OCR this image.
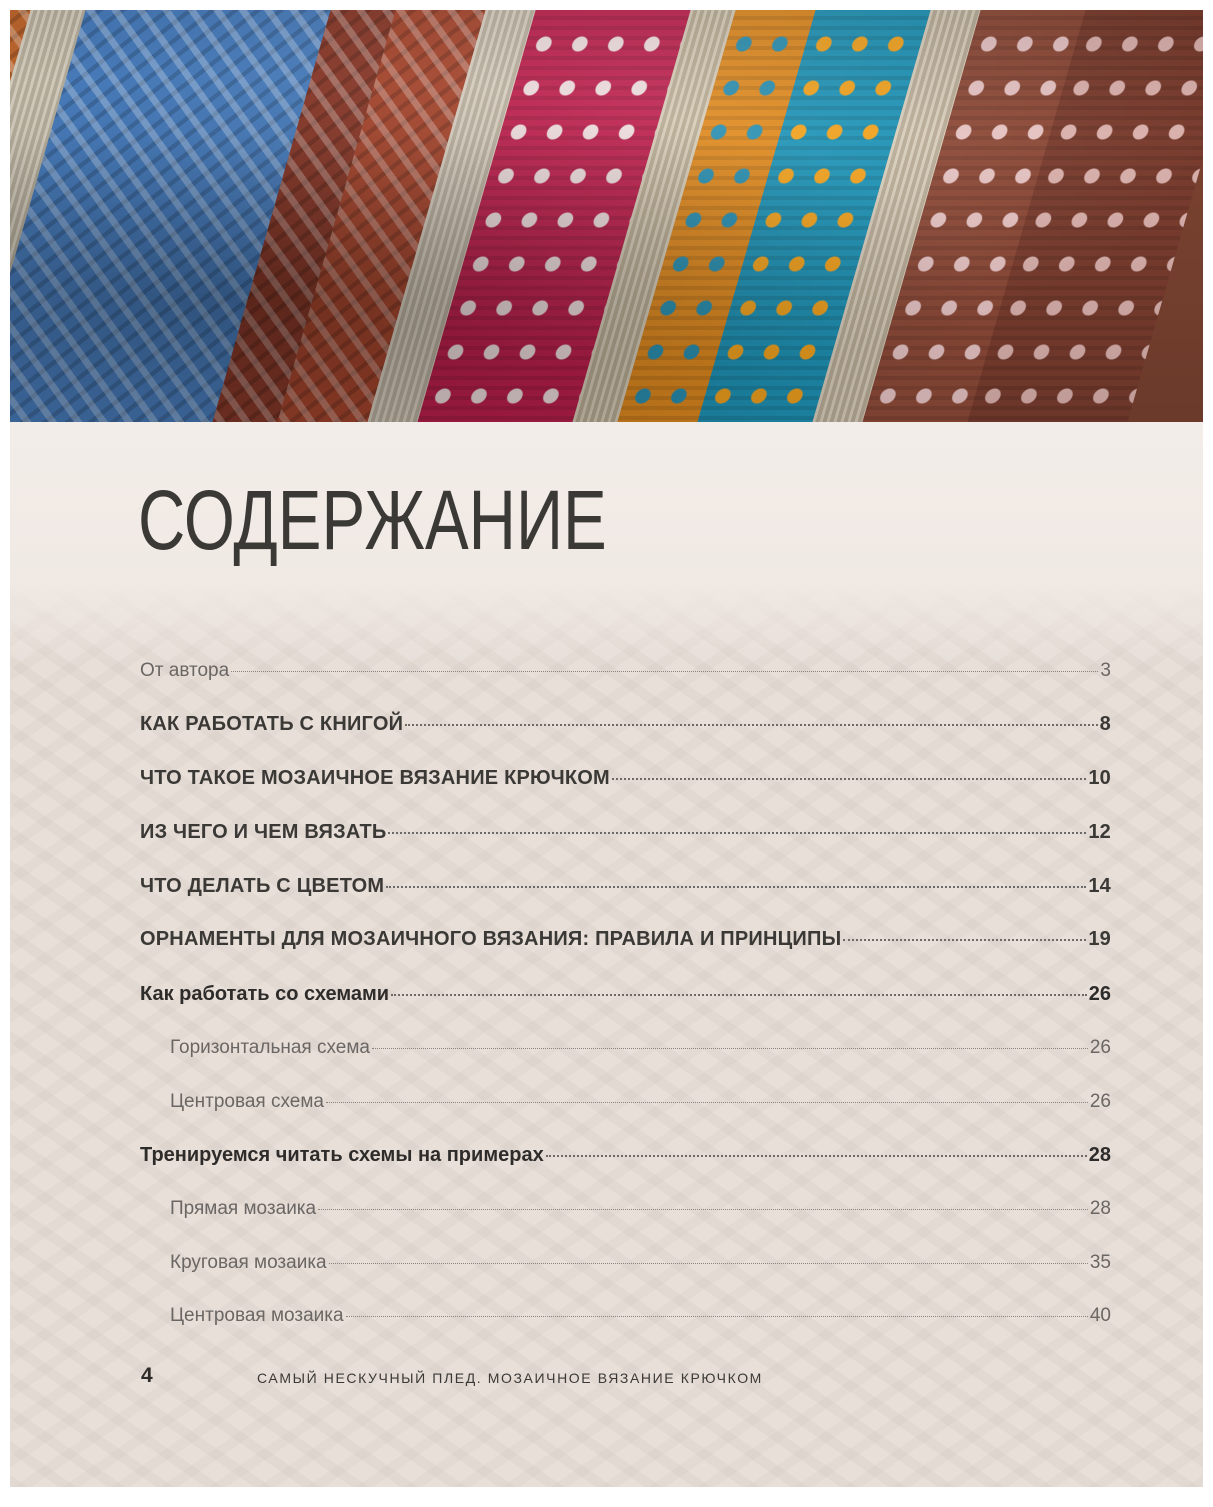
СОДЕРЖАНИЕ
От автора	3
КАК РАБОТАТЬ С КНИГОЙ	8
ЧТО ТАКОЕ МОЗАИЧНОЕ ВЯЗАНИЕ КРЮЧКОМ	10
ИЗ ЧЕГО И ЧЕМ ВЯЗАТЬ	12
ЧТО ДЕЛАТЬ С ЦВЕТОМ	14
ОРНАМЕНТЫ ДЛЯ МОЗАИЧНОГО ВЯЗАНИЯ: ПРАВИЛА И ПРИНЦИПЫ	19
Как работать со схемами	26
Горизонтальная схема	26
Центровая схема	26
Тренируемся читать схемы на примерах	28
Прямая мозаика	28
Круговая мозаика	35
Центровая мозаика	40
4	САМЫЙ НЕСКУЧНЫЙ ПЛЕД. МОЗАИЧНОЕ ВЯЗАНИЕ КРЮЧКОМ
